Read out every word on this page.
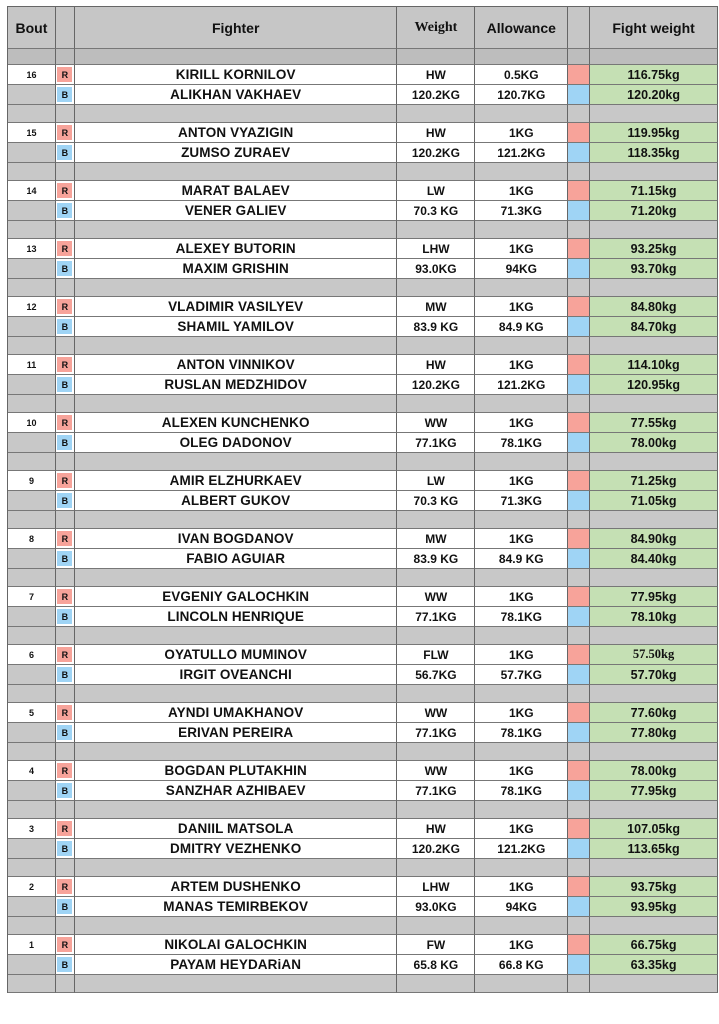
Bout	Fighter	Weight	Allowance	Fight weight
16	R	KIRILL KORNILOV	HW	0.5KG	116.75kg
B	ALIKHAN VAKHAEV	120.2KG	120.7KG	120.20kg
15	R	ANTON VYAZIGIN	HW	1KG	119.95kg
B	ZUMSO ZURAEV	120.2KG	121.2KG	118.35kg
14	R	MARAT BALAEV	LW	1KG	71.15kg
B	VENER GALIEV	70.3 KG	71.3KG	71.20kg
13	R	ALEXEY BUTORIN	LHW	1KG	93.25kg
B	MAXIM GRISHIN	93.0KG	94KG	93.70kg
12	R	VLADIMIR VASILYEV	MW	1KG	84.80kg
B	SHAMIL YAMILOV	83.9 KG	84.9 KG	84.70kg
11	R	ANTON VINNIKOV	HW	1KG	114.10kg
B	RUSLAN MEDZHIDOV	120.2KG	121.2KG	120.95kg
10	R	ALEXEN KUNCHENKO	WW	1KG	77.55kg
B	OLEG DADONOV	77.1KG	78.1KG	78.00kg
9	R	AMIR ELZHURKAEV	LW	1KG	71.25kg
B	ALBERT GUKOV	70.3 KG	71.3KG	71.05kg
8	R	IVAN BOGDANOV	MW	1KG	84.90kg
B	FABIO AGUIAR	83.9 KG	84.9 KG	84.40kg
7	R	EVGENIY GALOCHKIN	WW	1KG	77.95kg
B	LINCOLN HENRIQUE	77.1KG	78.1KG	78.10kg
6	R	OYATULLO MUMINOV	FLW	1KG	57.50kg
B	IRGIT OVEANCHI	56.7KG	57.7KG	57.70kg
5	R	AYNDI UMAKHANOV	WW	1KG	77.60kg
B	ERIVAN PEREIRA	77.1KG	78.1KG	77.80kg
4	R	BOGDAN PLUTAKHIN	WW	1KG	78.00kg
B	SANZHAR AZHIBAEV	77.1KG	78.1KG	77.95kg
3	R	DANIIL MATSOLA	HW	1KG	107.05kg
B	DMITRY VEZHENKO	120.2KG	121.2KG	113.65kg
2	R	ARTEM DUSHENKO	LHW	1KG	93.75kg
B	MANAS TEMIRBEKOV	93.0KG	94KG	93.95kg
1	R	NIKOLAI GALOCHKIN	FW	1KG	66.75kg
B	PAYAM HEYDARiAN	65.8 KG	66.8 KG	63.35kg
